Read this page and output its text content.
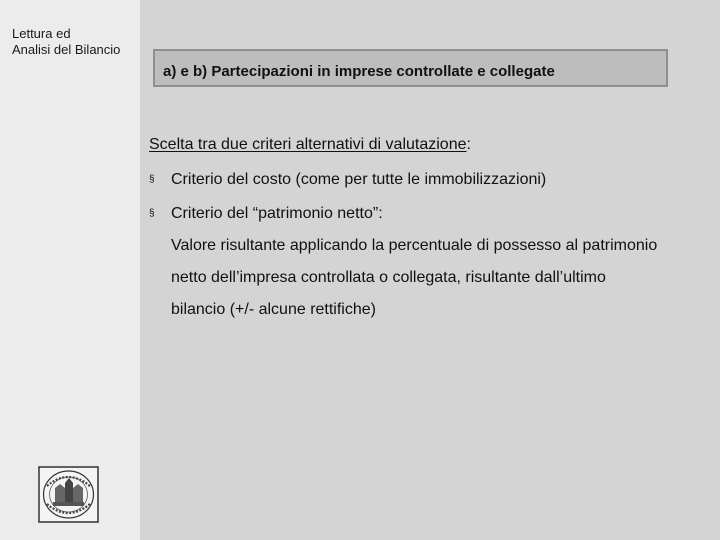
Lettura ed
Analisi del Bilancio
a) e b) Partecipazioni in imprese controllate e collegate
Scelta tra due criteri alternativi di valutazione:
§ Criterio del costo (come per tutte le immobilizzazioni)
§ Criterio del “patrimonio netto”:
Valore risultante applicando la percentuale di possesso al patrimonio
netto dell’impresa controllata o collegata, risultante dall’ultimo
bilancio (+/- alcune rettifiche)
